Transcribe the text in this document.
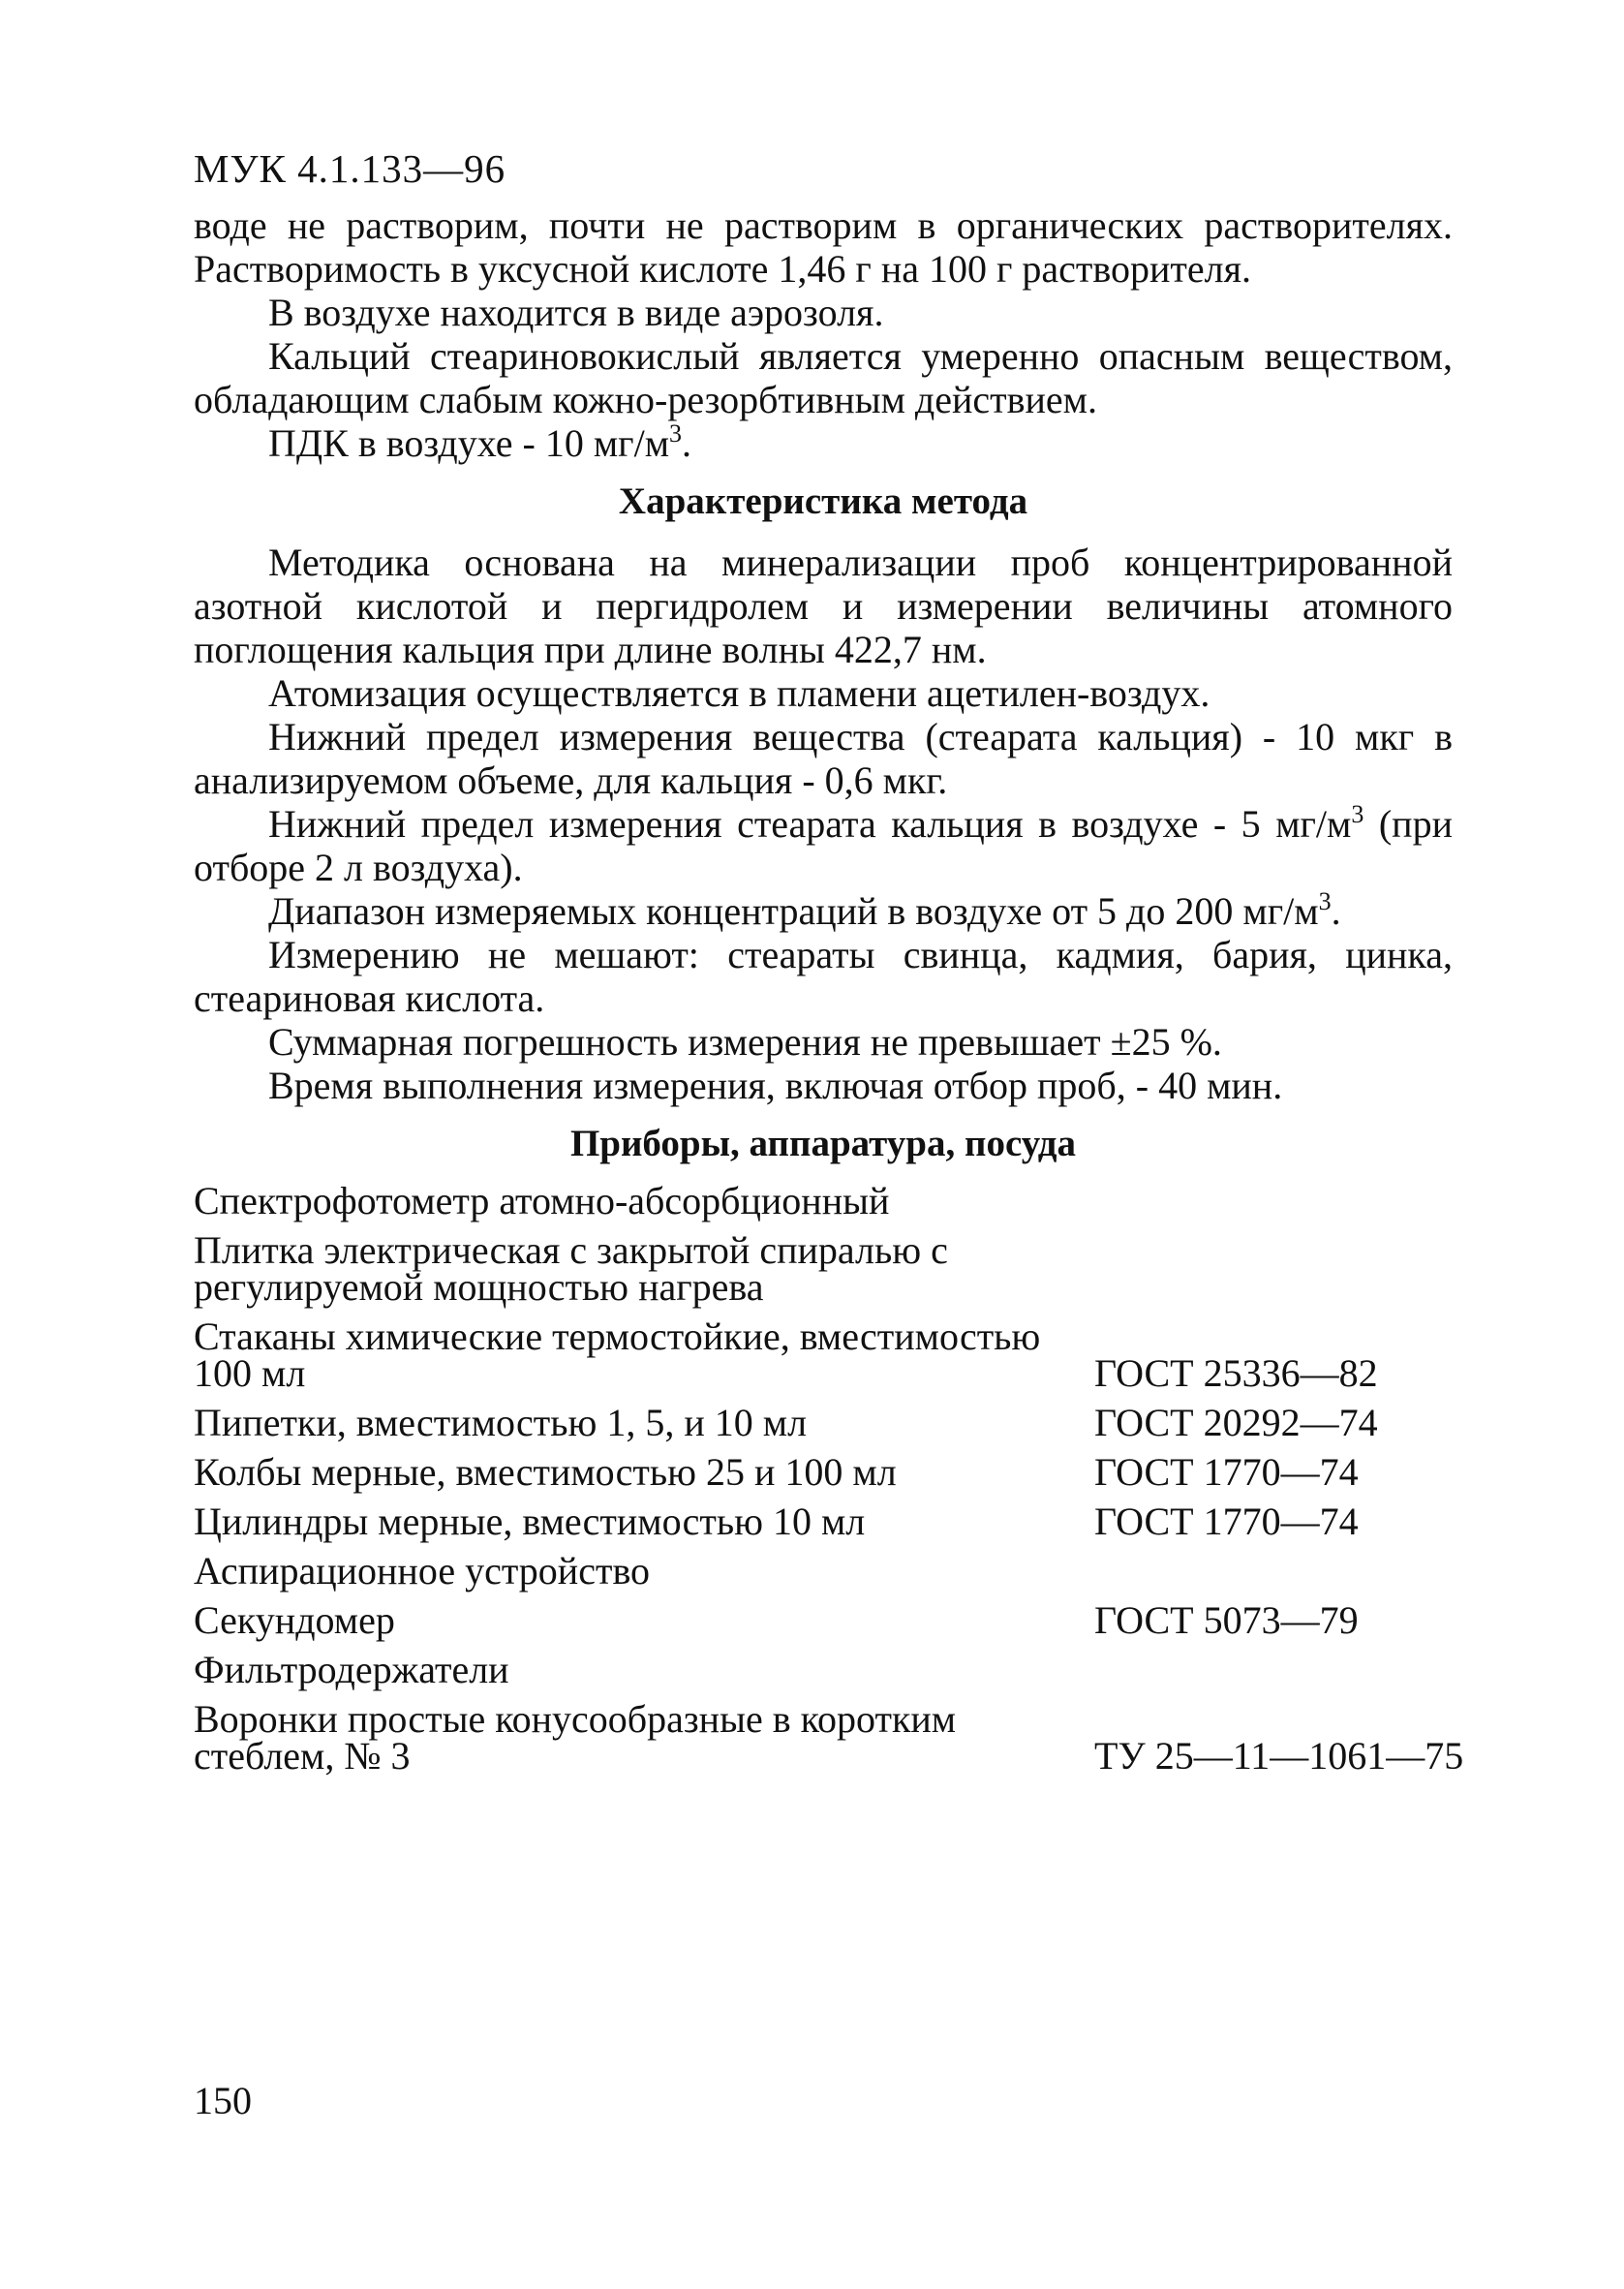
МУК 4.1.133—96

воде не растворим, почти не растворим в органических растворителях. Растворимость в уксусной кислоте 1,46 г на 100 г растворителя.

В воздухе находится в виде аэрозоля.

Кальций стеариновокислый является умеренно опасным веществом, обладающим слабым кожно-резорбтивным действием.

ПДК в воздухе - 10 $мг/м^3$.

Характеристика метода

Методика основана на минерализации проб концентрированной азотной кислотой и пергидролем и измерении величины атомного поглощения кальция при длине волны 422,7 нм.

Атомизация осуществляется в пламени ацетилен-воздух.

Нижний предел измерения вещества (стеарата кальция) - 10 мкг в анализируемом объеме, для кальция - 0,6 мкг.

Нижний предел измерения стеарата кальция в воздухе - 5 $мг/м^3$ (при отборе 2 л воздуха).

Диапазон измеряемых концентраций в воздухе от 5 до 200 $мг/м^3$.

Измерению не мешают: стеараты свинца, кадмия, бария, цинка, стеариновая кислота.

Суммарная погрешность измерения не превышает ±25 %.

Время выполнения измерения, включая отбор проб, - 40 мин.

Приборы, аппаратура, посуда
Спектрофотометр атомно-абсорбционный
Плитка электрическая с закрытой спиралью с регулируемой мощностью нагрева
Стаканы химические термостойкие, вместимостью 100 мл	ГОСТ 25336—82
Пипетки, вместимостью 1, 5, и 10 мл	ГОСТ 20292—74
Колбы мерные, вместимостью 25 и 100 мл	ГОСТ 1770—74
Цилиндры мерные, вместимостью 10 мл	ГОСТ 1770—74
Аспирационное устройство
Секундомер	ГОСТ 5073—79
Фильтродержатели
Воронки простые конусообразные в коротким стеблем, № 3	ТУ 25—11—1061—75
150
